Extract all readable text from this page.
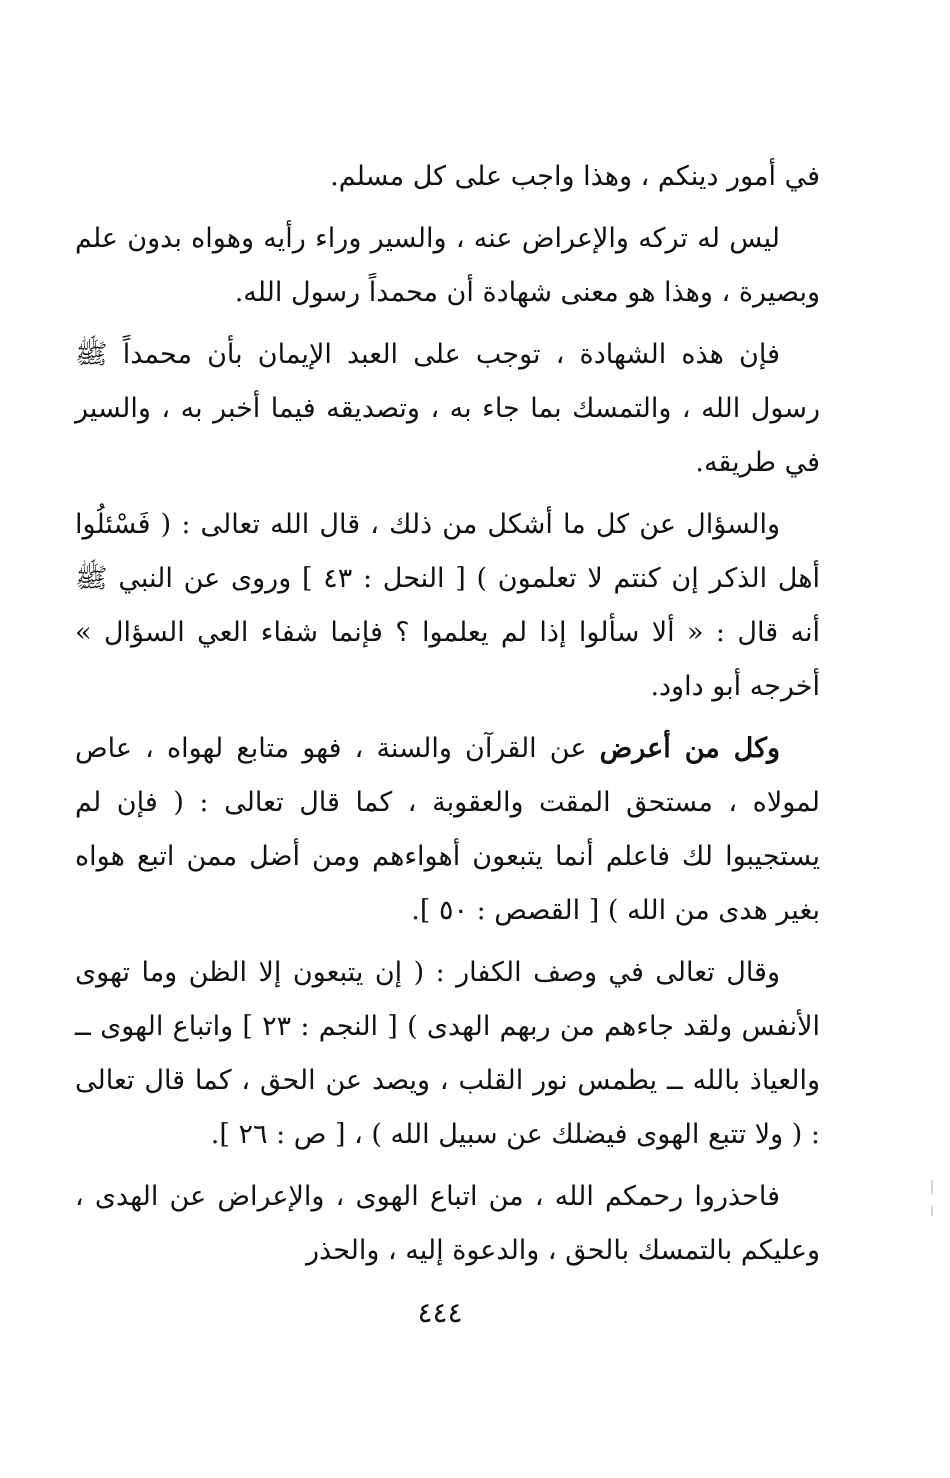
في أمور دينكم ، وهذا واجب على كل مسلم.

ليس له تركه والإعراض عنه ، والسير وراء رأيه وهواه بدون علم وبصيرة ، وهذا هو معنى شهادة أن محمداً رسول الله.

فإن هذه الشهادة ، توجب على العبد الإيمان بأن محمداً ﷺ رسول الله ، والتمسك بما جاء به ، وتصديقه فيما أخبر به ، والسير في طريقه.

والسؤال عن كل ما أشكل من ذلك ، قال الله تعالى : ( فَسْئلُوا أهل الذكر إن كنتم لا تعلمون ) [ النحل : ٤٣ ] وروى عن النبي ﷺ أنه قال : « ألا سألوا إذا لم يعلموا ؟ فإنما شفاء العي السؤال » أخرجه أبو داود.

وكل من أعرض عن القرآن والسنة ، فهو متابع لهواه ، عاص لمولاه ، مستحق المقت والعقوبة ، كما قال تعالى : ( فإن لم يستجيبوا لك فاعلم أنما يتبعون أهواءهم ومن أضل ممن اتبع هواه بغير هدى من الله ) [ القصص : ٥٠ ].

وقال تعالى في وصف الكفار : ( إن يتبعون إلا الظن وما تهوى الأنفس ولقد جاءهم من ربهم الهدى ) [ النجم : ٢٣ ] واتباع الهوى ــ والعياذ بالله ــ يطمس نور القلب ، ويصد عن الحق ، كما قال تعالى : ( ولا تتبع الهوى فيضلك عن سبيل الله ) ، [ ص : ٢٦ ].

فاحذروا رحمكم الله ، من اتباع الهوى ، والإعراض عن الهدى ، وعليكم بالتمسك بالحق ، والدعوة إليه ، والحذر

٤٤٤
